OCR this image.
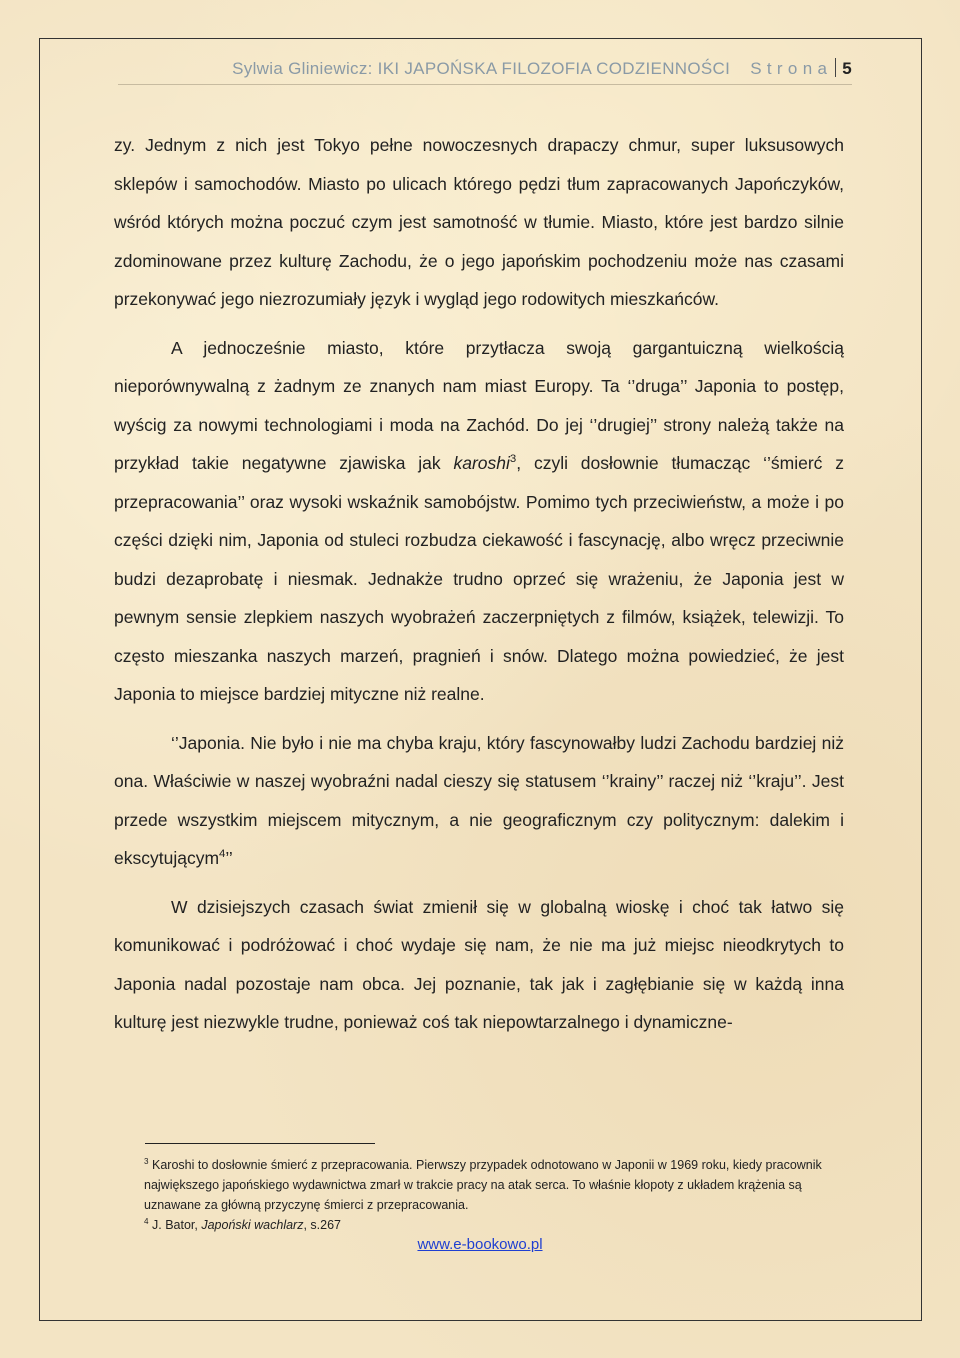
Sylwia Gliniewicz: IKI JAPOŃSKA FILOZOFIA CODZIENNOŚCI S t r o n a 5

zy. Jednym z nich jest Tokyo pełne nowoczesnych drapaczy chmur, super luksusowych sklepów i samochodów. Miasto po ulicach którego pędzi tłum zapracowanych Japończyków, wśród których można poczuć czym jest samotność w tłumie. Miasto, które jest bardzo silnie zdominowane przez kulturę Zachodu, że o jego japońskim pochodzeniu może nas czasami przekonywać jego niezrozumiały język i wygląd jego rodowitych mieszkańców.

A jednocześnie miasto, które przytłacza swoją gargantuiczną wielkością nieporównywalną z żadnym ze znanych nam miast Europy. Ta ‘’druga’’ Japonia to postęp, wyścig za nowymi technologiami i moda na Zachód. Do jej ‘’drugiej’’ strony należą także na przykład takie negatywne zjawiska jak karoshi$^3$, czyli dosłownie tłumacząc ‘’śmierć z przepracowania’’ oraz wysoki wskaźnik samobójstw. Pomimo tych przeciwieństw, a może i po części dzięki nim, Japonia od stuleci rozbudza ciekawość i fascynację, albo wręcz przeciwnie budzi dezaprobatę i niesmak. Jednakże trudno oprzeć się wrażeniu, że Japonia jest w pewnym sensie zlepkiem naszych wyobrażeń zaczerpniętych z filmów, książek, telewizji. To często mieszanka naszych marzeń, pragnień i snów. Dlatego można powiedzieć, że jest Japonia to miejsce bardziej mityczne niż realne.

‘’Japonia. Nie było i nie ma chyba kraju, który fascynowałby ludzi Zachodu bardziej niż ona. Właściwie w naszej wyobraźni nadal cieszy się statusem ‘’krainy’’ raczej niż ‘’kraju’’. Jest przede wszystkim miejscem mitycznym, a nie geograficznym czy politycznym: dalekim i ekscytującym$^4$’’

W dzisiejszych czasach świat zmienił się w globalną wioskę i choć tak łatwo się komunikować i podróżować i choć wydaje się nam, że nie ma już miejsc nieodkrytych to Japonia nadal pozostaje nam obca. Jej poznanie, tak jak i zagłębianie się w każdą inna kulturę jest niezwykle trudne, ponieważ coś tak niepowtarzalnego i dynamiczne-

$^3$ Karoshi to dosłownie śmierć z przepracowania. Pierwszy przypadek odnotowano w Japonii w 1969 roku, kiedy pracownik największego japońskiego wydawnictwa zmarł w trakcie pracy na atak serca. To właśnie kłopoty z układem krążenia są uznawane za główną przyczynę śmierci z przepracowania.

$^4$ J. Bator, Japoński wachlarz, s.267

www.e-bookowo.pl
